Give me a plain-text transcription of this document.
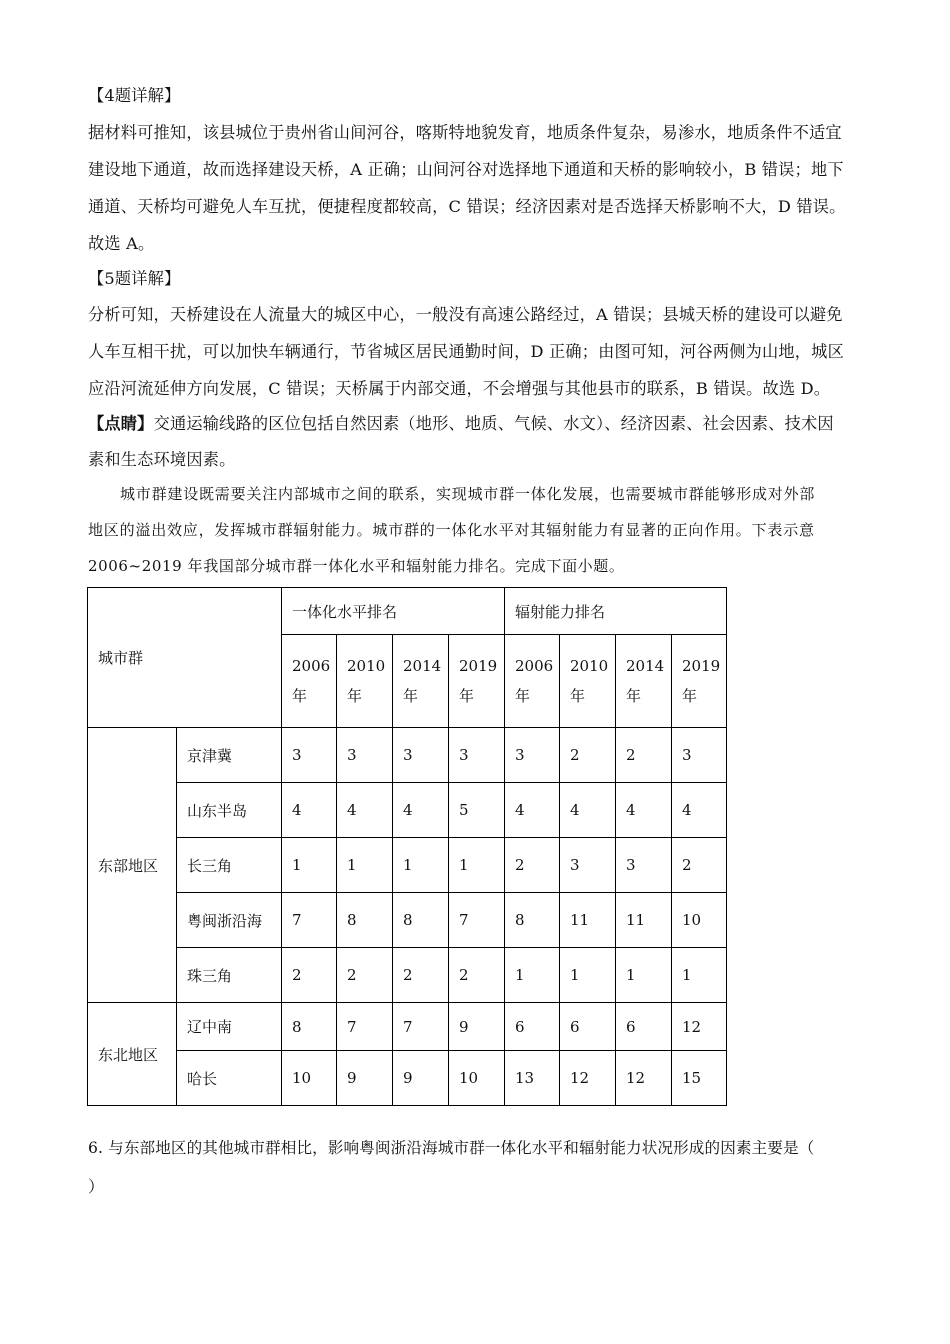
【4题详解】
据材料可推知，该县城位于贵州省山间河谷，喀斯特地貌发育，地质条件复杂，易渗水，地质条件不适宜
建设地下通道，故而选择建设天桥，A 正确；山间河谷对选择地下通道和天桥的影响较小，B 错误；地下
通道、天桥均可避免人车互扰，便捷程度都较高，C 错误；经济因素对是否选择天桥影响不大，D 错误。
故选 A。
【5题详解】
分析可知，天桥建设在人流量大的城区中心，一般没有高速公路经过，A 错误；县城天桥的建设可以避免
人车互相干扰，可以加快车辆通行，节省城区居民通勤时间，D 正确；由图可知，河谷两侧为山地，城区
应沿河流延伸方向发展，C 错误；天桥属于内部交通，不会增强与其他县市的联系，B 错误。故选 D。
【点睛】交通运输线路的区位包括自然因素（地形、地质、气候、水文）、经济因素、社会因素、技术因
素和生态环境因素。
城市群建设既需要关注内部城市之间的联系，实现城市群一体化发展，也需要城市群能够形成对外部
地区的溢出效应，发挥城市群辐射能力。城市群的一体化水平对其辐射能力有显著的正向作用。下表示意
2006~2019 年我国部分城市群一体化水平和辐射能力排名。完成下面小题。
城市群		一体化水平排名				辐射能力排名			

		2006
年	2010
年	2014
年	2019
年	2006
年	2010
年	2014
年	2019
年

东部地区	京津冀	3	3	3	3	3	2	2	3
	山东半岛	4	4	4	5	4	4	4	4
	长三角	1	1	1	1	2	3	3	2
	粤闽浙沿海	7	8	8	7	8	11	11	10
	珠三角	2	2	2	2	1	1	1	1
东北地区	辽中南	8	7	7	9	6	6	6	12
	哈长	10	9	9	10	13	12	12	15
6. 与东部地区的其他城市群相比，影响粤闽浙沿海城市群一体化水平和辐射能力状况形成的因素主要是（
）
